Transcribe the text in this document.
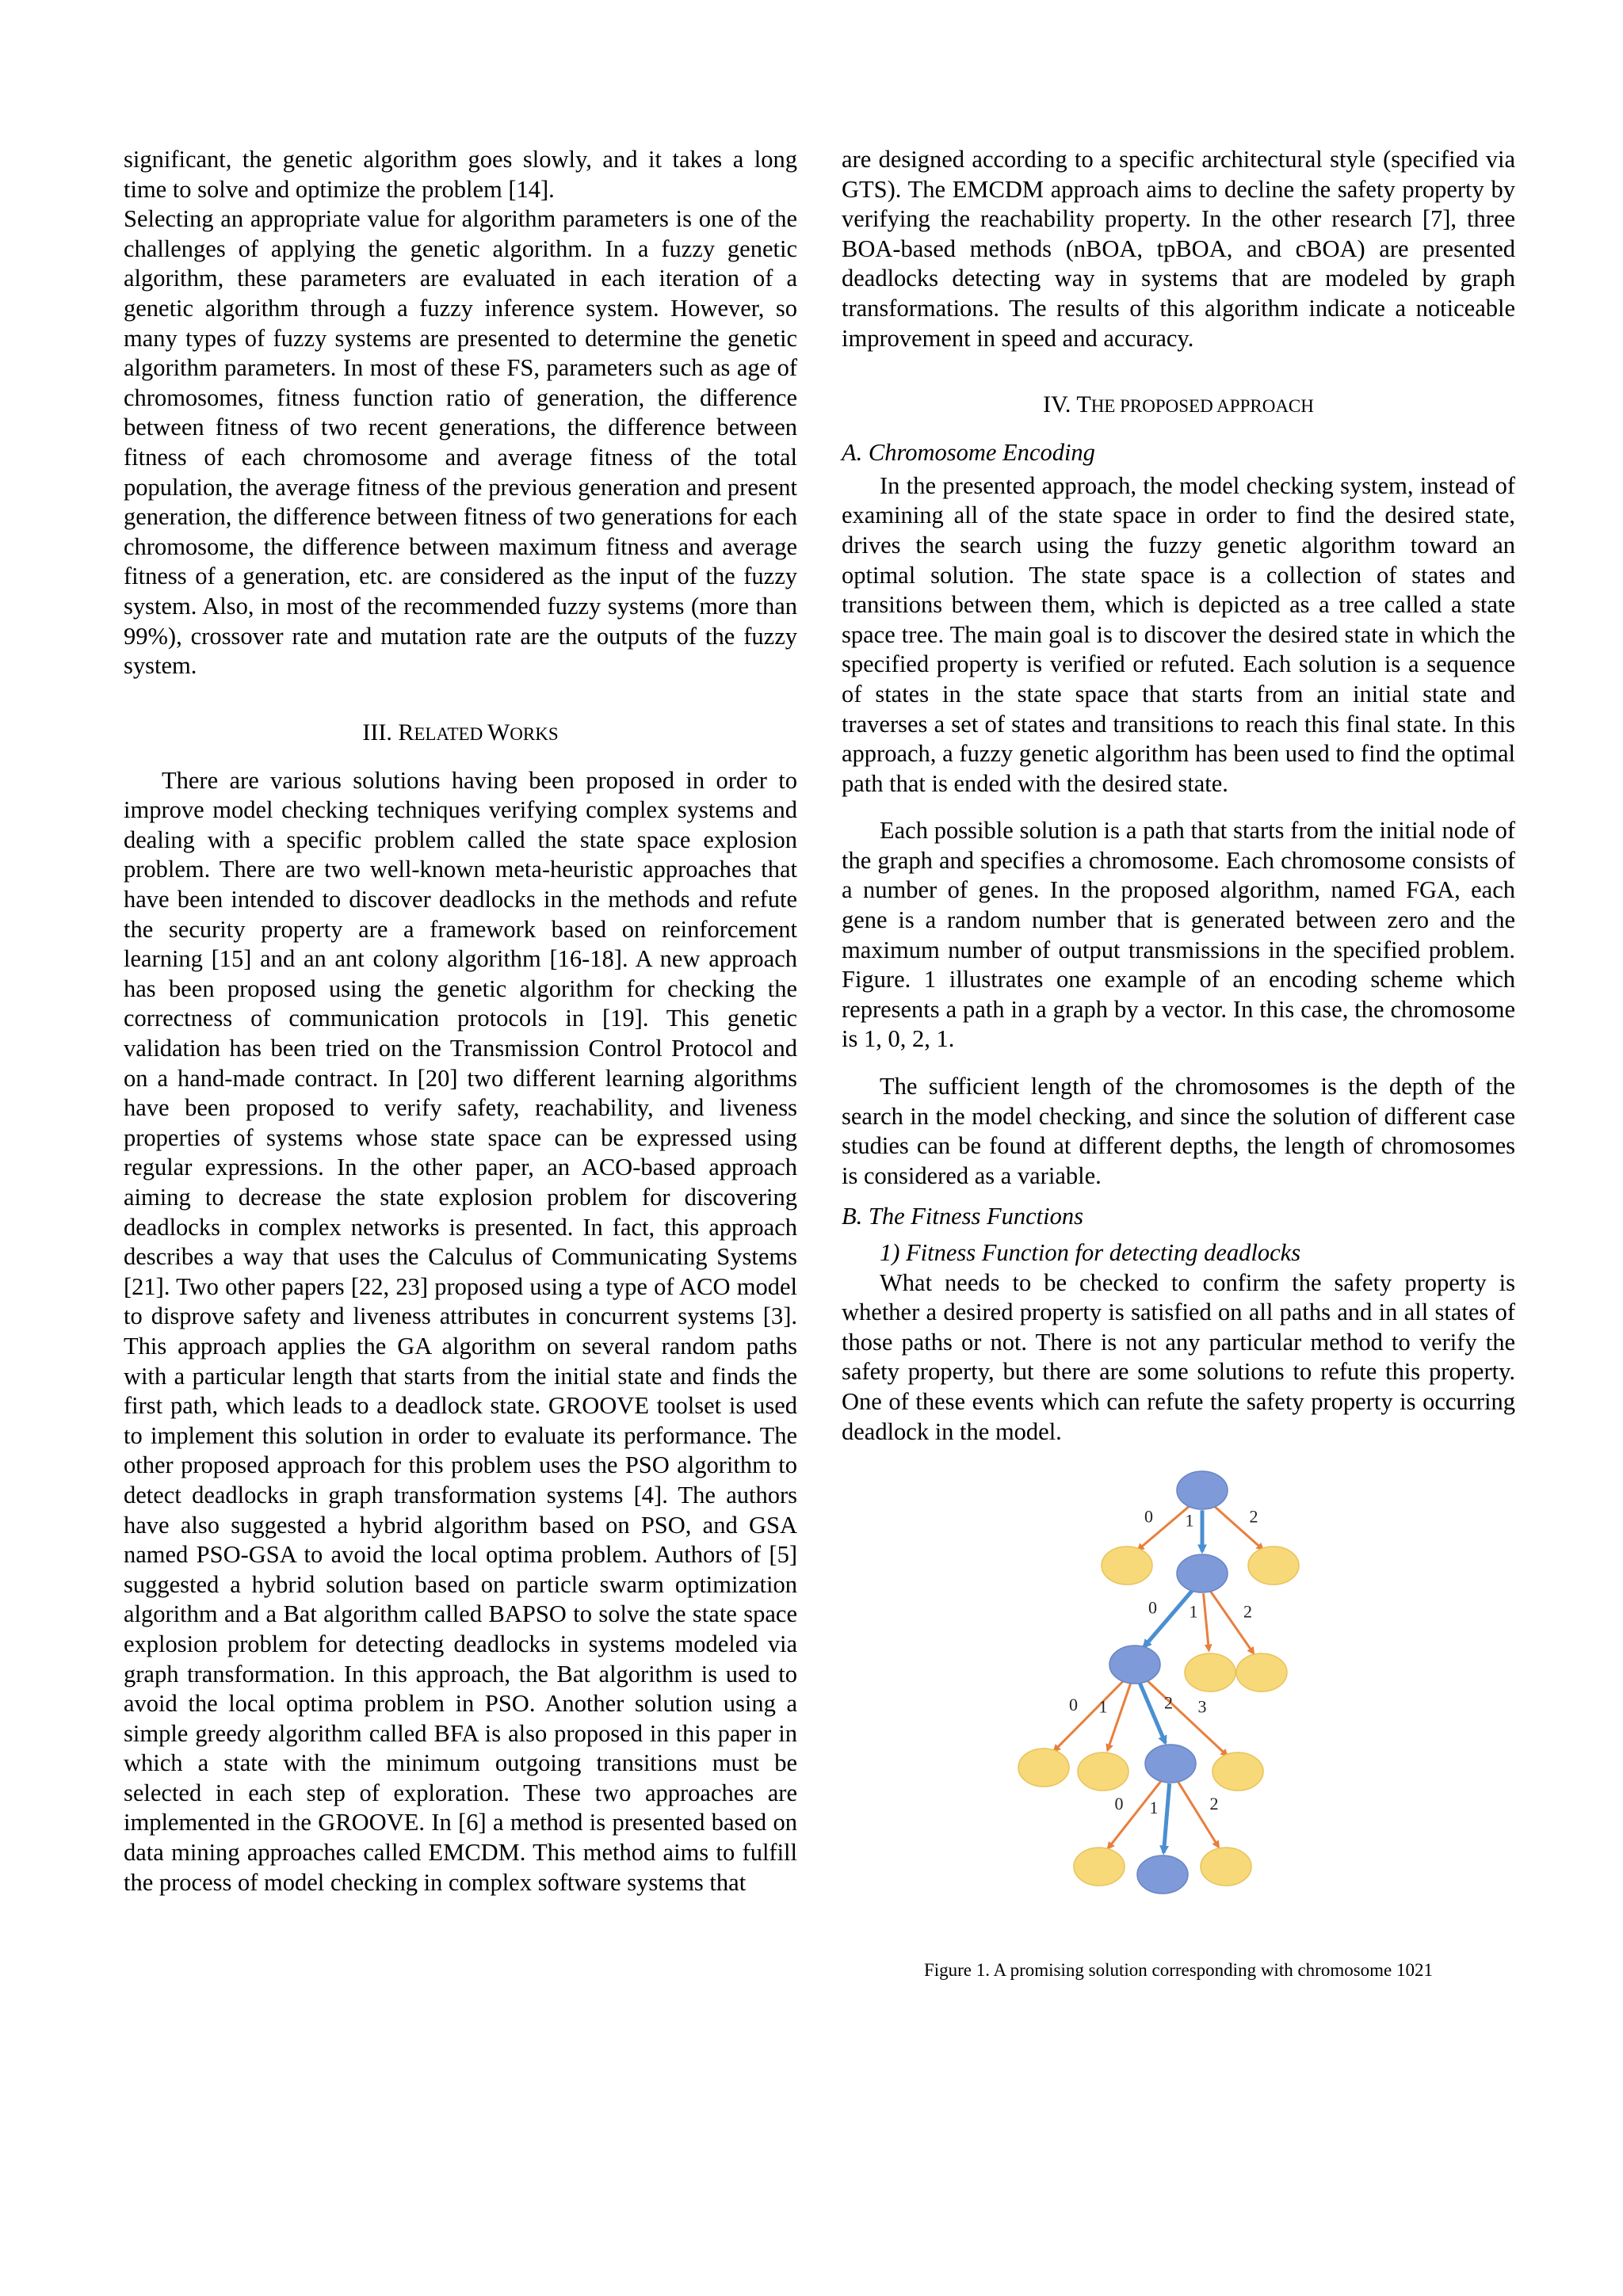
significant, the genetic algorithm goes slowly, and it takes a long time to solve and optimize the problem [14].

Selecting an appropriate value for algorithm parameters is one of the challenges of applying the genetic algorithm. In a fuzzy genetic algorithm, these parameters are evaluated in each iteration of a genetic algorithm through a fuzzy inference system. However, so many types of fuzzy systems are presented to determine the genetic algorithm parameters. In most of these FS, parameters such as age of chromosomes, fitness function ratio of generation, the difference between fitness of two recent generations, the difference between fitness of each chromosome and average fitness of the total population, the average fitness of the previous generation and present generation, the difference between fitness of two generations for each chromosome, the difference between maximum fitness and average fitness of a generation, etc. are considered as the input of the fuzzy system. Also, in most of the recommended fuzzy systems (more than 99%), crossover rate and mutation rate are the outputs of the fuzzy system.

III. RELATED WORKS

There are various solutions having been proposed in order to improve model checking techniques verifying complex systems and dealing with a specific problem called the state space explosion problem. There are two well-known meta-heuristic approaches that have been intended to discover deadlocks in the methods and refute the security property are a framework based on reinforcement learning [15] and an ant colony algorithm [16-18]. A new approach has been proposed using the genetic algorithm for checking the correctness of communication protocols in [19]. This genetic validation has been tried on the Transmission Control Protocol and on a hand-made contract. In [20] two different learning algorithms have been proposed to verify safety, reachability, and liveness properties of systems whose state space can be expressed using regular expressions. In the other paper, an ACO-based approach aiming to decrease the state explosion problem for discovering deadlocks in complex networks is presented. In fact, this approach describes a way that uses the Calculus of Communicating Systems [21]. Two other papers [22, 23] proposed using a type of ACO model to disprove safety and liveness attributes in concurrent systems [3]. This approach applies the GA algorithm on several random paths with a particular length that starts from the initial state and finds the first path, which leads to a deadlock state. GROOVE toolset is used to implement this solution in order to evaluate its performance. The other proposed approach for this problem uses the PSO algorithm to detect deadlocks in graph transformation systems [4]. The authors have also suggested a hybrid algorithm based on PSO, and GSA named PSO-GSA to avoid the local optima problem. Authors of [5] suggested a hybrid solution based on particle swarm optimization algorithm and a Bat algorithm called BAPSO to solve the state space explosion problem for detecting deadlocks in systems modeled via graph transformation. In this approach, the Bat algorithm is used to avoid the local optima problem in PSO. Another solution using a simple greedy algorithm called BFA is also proposed in this paper in which a state with the minimum outgoing transitions must be selected in each step of exploration. These two approaches are implemented in the GROOVE. In [6] a method is presented based on data mining approaches called EMCDM. This method aims to fulfill the process of model checking in complex software systems that

are designed according to a specific architectural style (specified via GTS). The EMCDM approach aims to decline the safety property by verifying the reachability property. In the other research [7], three BOA-based methods (nBOA, tpBOA, and cBOA) are presented deadlocks detecting way in systems that are modeled by graph transformations. The results of this algorithm indicate a noticeable improvement in speed and accuracy.

IV. THE PROPOSED APPROACH
A. Chromosome Encoding

In the presented approach, the model checking system, instead of examining all of the state space in order to find the desired state, drives the search using the fuzzy genetic algorithm toward an optimal solution. The state space is a collection of states and transitions between them, which is depicted as a tree called a state space tree. The main goal is to discover the desired state in which the specified property is verified or refuted. Each solution is a sequence of states in the state space that starts from an initial state and traverses a set of states and transitions to reach this final state. In this approach, a fuzzy genetic algorithm has been used to find the optimal path that is ended with the desired state.

Each possible solution is a path that starts from the initial node of the graph and specifies a chromosome. Each chromosome consists of a number of genes. In the proposed algorithm, named FGA, each gene is a random number that is generated between zero and the maximum number of output transmissions in the specified problem. Figure. 1 illustrates one example of an encoding scheme which represents a path in a graph by a vector. In this case, the chromosome is 1, 0, 2, 1.

The sufficient length of the chromosomes is the depth of the search in the model checking, and since the solution of different case studies can be found at different depths, the length of chromosomes is considered as a variable.

B. The Fitness Functions
1) Fitness Function for detecting deadlocks

What needs to be checked to confirm the safety property is whether a desired property is satisfied on all paths and in all states of those paths or not. There is not any particular method to verify the safety property, but there are some solutions to refute this property. One of these events which can refute the safety property is occurring deadlock in the model.

0 1	2
0 1	2
0 1	2 3
0 1	2
Figure 1. A promising solution corresponding with chromosome 1021
